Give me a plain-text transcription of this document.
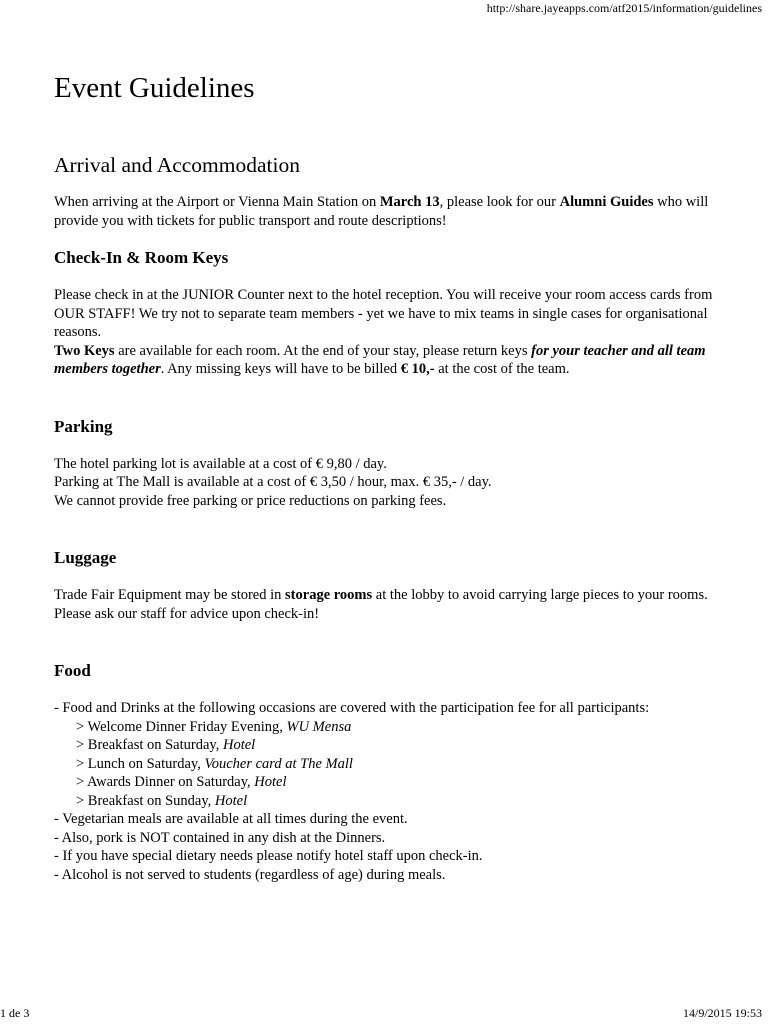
http://share.jayeapps.com/atf2015/information/guidelines
Event Guidelines
Arrival and Accommodation

When arriving at the Airport or Vienna Main Station on March 13, please look for our Alumni Guides who will provide you with tickets for public transport and route descriptions!

Check-In & Room Keys

Please check in at the JUNIOR Counter next to the hotel reception. You will receive your room access cards from OUR STAFF! We try not to separate team members - yet we have to mix teams in single cases for organisational reasons.

Two Keys are available for each room. At the end of your stay, please return keys for your teacher and all team members together. Any missing keys will have to be billed € 10,- at the cost of the team.

Parking

The hotel parking lot is available at a cost of € 9,80 / day.

Parking at The Mall is available at a cost of € 3,50 / hour, max. € 35,- / day.

We cannot provide free parking or price reductions on parking fees.

Luggage

Trade Fair Equipment may be stored in storage rooms at the lobby to avoid carrying large pieces to your rooms. Please ask our staff for advice upon check-in!

Food

- Food and Drinks at the following occasions are covered with the participation fee for all participants:

> Welcome Dinner Friday Evening, WU Mensa

> Breakfast on Saturday, Hotel

> Lunch on Saturday, Voucher card at The Mall

> Awards Dinner on Saturday, Hotel

> Breakfast on Sunday, Hotel

- Vegetarian meals are available at all times during the event.

- Also, pork is NOT contained in any dish at the Dinners.

- If you have special dietary needs please notify hotel staff upon check-in.

- Alcohol is not served to students (regardless of age) during meals.

1 de 3	14/9/2015 19:53
